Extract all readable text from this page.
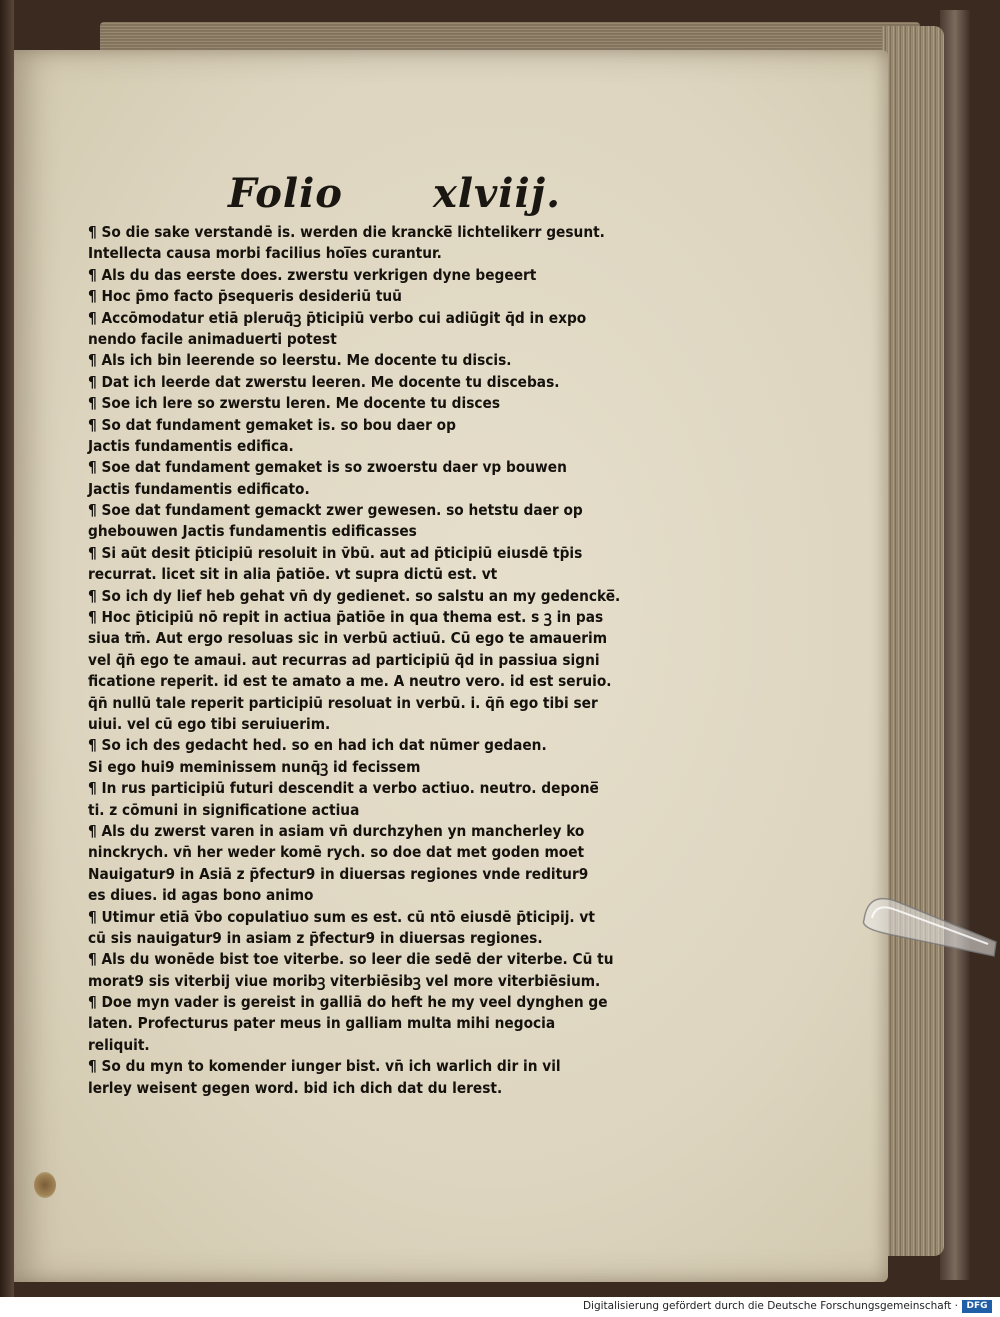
Folio xlviij.
¶ So die sake verstandē is. werden die krancke̅ lichtelikerr gesunt.
Intellecta causa morbi facilius hoi̅es curantur.
¶ Als du das eerste does. zwerstu verkrigen dyne begeert
¶ Hoc p̄mo facto p̄sequeris desideriū tuū
¶ Accōmodatur etiā pleruq̄ꝫ p̄ticipiū verbo cui adiūgit q̄d in expo
nendo facile animaduerti potest
¶ Als ich bin leerende so leerstu. Me docente tu discis.
¶ Dat ich leerde dat zwerstu leeren. Me docente tu discebas.
¶ Soe ich lere so zwerstu leren. Me docente tu disces
¶ So dat fundament gemaket is. so bou daer op
Jactis fundamentis edifica.
¶ Soe dat fundament gemaket is so zwoerstu daer vp bouwen
Jactis fundamentis edificato.
¶ Soe dat fundament gemackt zwer gewesen. so hetstu daer op
ghebouwen Jactis fundamentis edificasses
¶ Si aūt desit p̄ticipiū resoluit in v̄bū. aut ad p̄ticipiū eiusdē tp̄is
recurrat. licet sit in alia p̄atiōe. vt supra dictū est. vt
¶ So ich dy lief heb gehat vn̄ dy gedienet. so salstu an my gedencke̅.
¶ Hoc p̄ticipiū nō repit in actiua p̄atiōe in qua thema est. s ꝫ in pas
siua tm̄. Aut ergo resoluas sic in verbū actiuū. Cū ego te amauerim
vel q̄n̄ ego te amaui. aut recurras ad participiū q̄d in passiua signi
ficatione reperit. id est te amato a me. A neutro vero. id est seruio.
q̄n̄ nullū tale reperit participiū resoluat in verbū. i. q̄n̄ ego tibi ser
uiui. vel cū ego tibi seruiuerim.
¶ So ich des gedacht hed. so en had ich dat nūmer gedaen.
Si ego hui9 meminissem nunq̄ꝫ id fecissem
¶ In rus participiū futuri descendit a verbo actiuo. neutro. depone̅
ti. z cōmuni in significatione actiua
¶ Als du zwerst varen in asiam vn̄ durchzyhen yn mancherley ko
ninckrych. vn̄ her weder komē rych. so doe dat met goden moet
Nauigatur9 in Asiā z p̄fectur9 in diuersas regiones vnde reditur9
es diues. id agas bono animo
¶ Utimur etiā v̄bo copulatiuo sum es est. cū ntō eiusdē p̄ticipij. vt
cū sis nauigatur9 in asiam z p̄fectur9 in diuersas regiones.
¶ Als du wonēde bist toe viterbe. so leer die sedē der viterbe. Cū tu
morat9 sis viterbij viue moribꝫ viterbiēsibꝫ vel more viterbiēsium.
¶ Doe myn vader is gereist in galliā do heft he my veel dynghen ge
laten. Profecturus pater meus in galliam multa mihi negocia
reliquit.
¶ So du myn to komender iunger bist. vn̄ ich warlich dir in vil
lerley weisent gegen word. bid ich dich dat du lerest.
Digitalisierung gefördert durch die Deutsche Forschungsgemeinschaft · DFG
